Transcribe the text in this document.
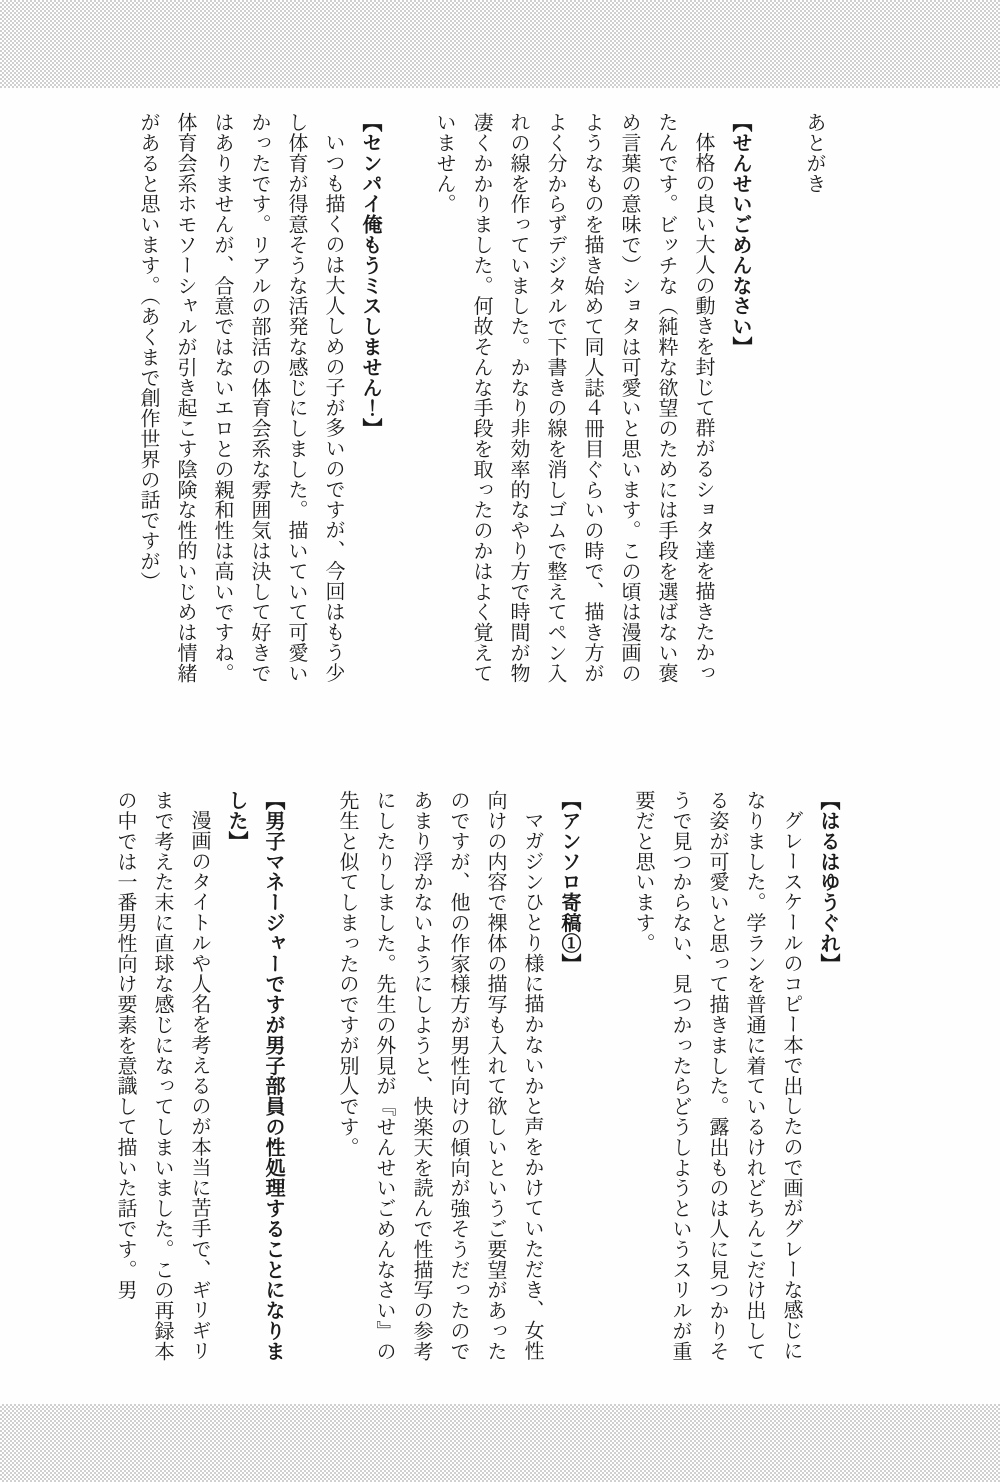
あとがき
【せんせいごめんなさい】

体格の良い大人の動きを封じて群がるショタ達を描きたかったんです。ビッチな（純粋な欲望のためには手段を選ばない褒め言葉の意味で）ショタは可愛いと思います。この頃は漫画のようなものを描き始めて同人誌４冊目ぐらいの時で、描き方がよく分からずデジタルで下書きの線を消しゴムで整えてペン入れの線を作っていました。かなり非効率的なやり方で時間が物凄くかかりました。何故そんな手段を取ったのかはよく覚えていません。

【センパイ俺もうミスしません！】

いつも描くのは大人しめの子が多いのですが、今回はもう少し体育が得意そうな活発な感じにしました。描いていて可愛いかったです。リアルの部活の体育会系な雰囲気は決して好きではありませんが、合意ではないエロとの親和性は高いですね。体育会系ホモソーシャルが引き起こす陰険な性的いじめは情緒があると思います。（あくまで創作世界の話ですが）

【はるはゆうぐれ】

グレースケールのコピー本で出したので画がグレーな感じになりました。学ランを普通に着ているけれどちんこだけ出してる姿が可愛いと思って描きました。露出ものは人に見つかりそうで見つからない、見つかったらどうしようというスリルが重要だと思います。

【アンソロ寄稿①】

マガジンひとり様に描かないかと声をかけていただき、女性向けの内容で裸体の描写も入れて欲しいというご要望があったのですが、他の作家様方が男性向けの傾向が強そうだったのであまり浮かないようにしようと、快楽天を読んで性描写の参考にしたりしました。先生の外見が『せんせいごめんなさい』の先生と似てしまったのですが別人です。

【男子マネージャーですが男子部員の性処理することになりました】

漫画のタイトルや人名を考えるのが本当に苦手で、ギリギリまで考えた末に直球な感じになってしまいました。この再録本の中では一番男性向け要素を意識して描いた話です。男
